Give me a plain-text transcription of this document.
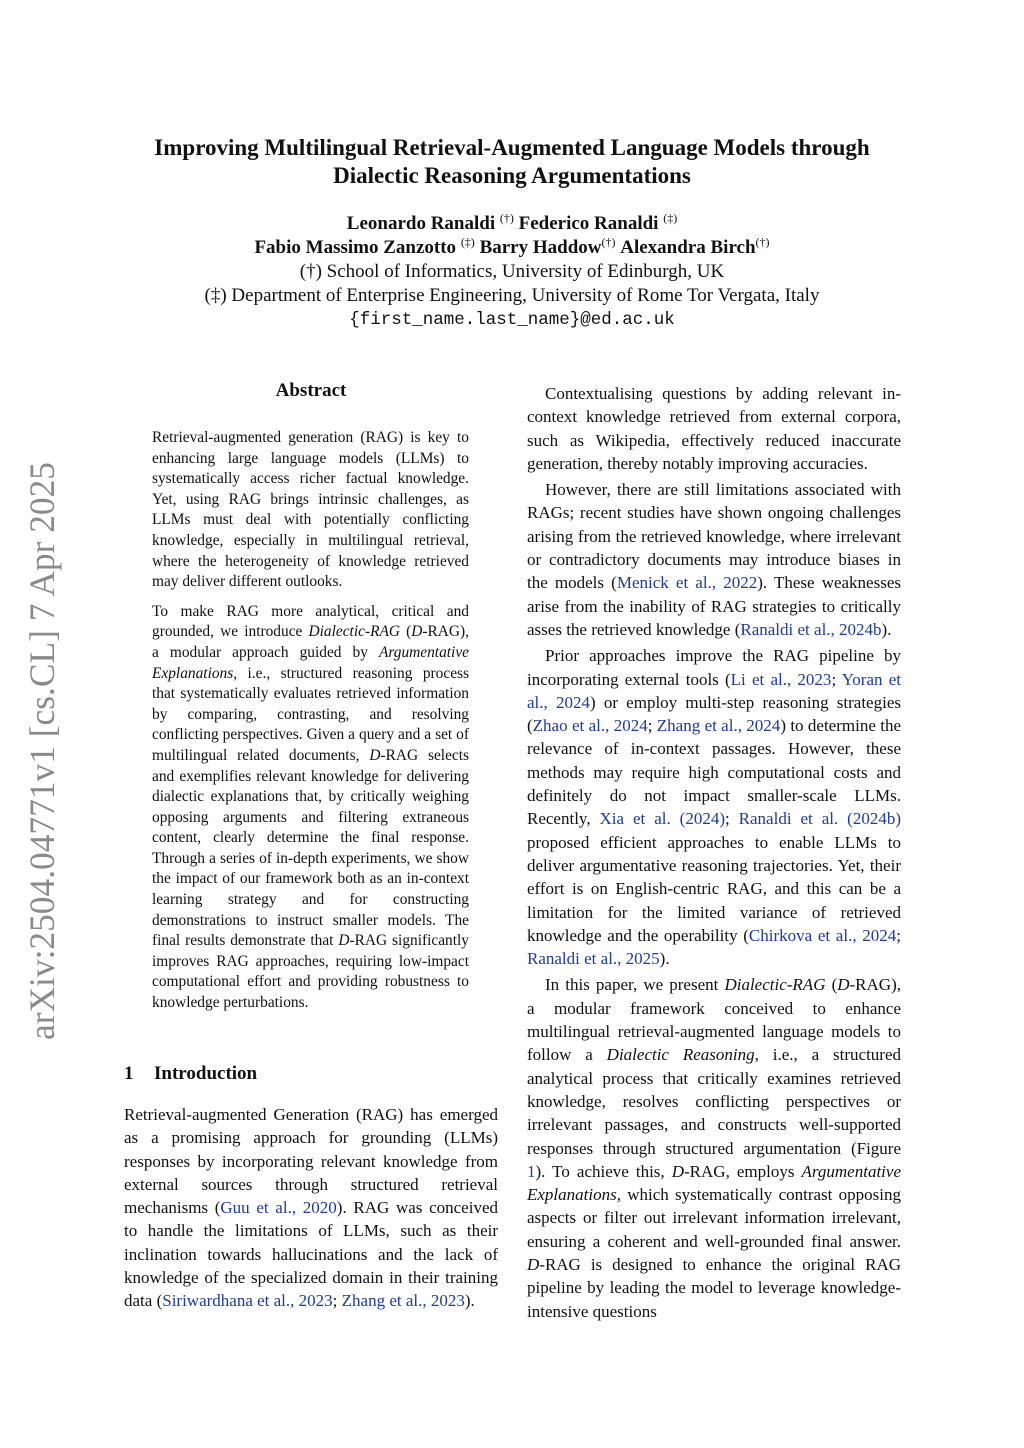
arXiv:2504.04771v1 [cs.CL] 7 Apr 2025
Improving Multilingual Retrieval-Augmented Language Models through
Dialectic Reasoning Argumentations
Leonardo Ranaldi (†) Federico Ranaldi (‡)
Fabio Massimo Zanzotto (‡) Barry Haddow(†) Alexandra Birch(†)
(†) School of Informatics, University of Edinburgh, UK
(‡) Department of Enterprise Engineering, University of Rome Tor Vergata, Italy
{first_name.last_name}@ed.ac.uk
Abstract

Retrieval-augmented generation (RAG) is key to enhancing large language models (LLMs) to systematically access richer factual knowledge. Yet, using RAG brings intrinsic challenges, as LLMs must deal with potentially conflicting knowledge, especially in multilingual retrieval, where the heterogeneity of knowledge retrieved may deliver different outlooks.

To make RAG more analytical, critical and grounded, we introduce Dialectic-RAG (D-RAG), a modular approach guided by Argumentative Explanations, i.e., structured reasoning process that systematically evaluates retrieved information by comparing, contrasting, and resolving conflicting perspectives. Given a query and a set of multilingual related documents, D-RAG selects and exemplifies relevant knowledge for delivering dialectic explanations that, by critically weighing opposing arguments and filtering extraneous content, clearly determine the final response. Through a series of in-depth experiments, we show the impact of our framework both as an in-context learning strategy and for constructing demonstrations to instruct smaller models. The final results demonstrate that D-RAG significantly improves RAG approaches, requiring low-impact computational effort and providing robustness to knowledge perturbations.

1 Introduction

Retrieval-augmented Generation (RAG) has emerged as a promising approach for grounding (LLMs) responses by incorporating relevant knowledge from external sources through structured retrieval mechanisms (Guu et al., 2020). RAG was conceived to handle the limitations of LLMs, such as their inclination towards hallucinations and the lack of knowledge of the specialized domain in their training data (Siriwardhana et al., 2023; Zhang et al., 2023).

Contextualising questions by adding relevant in-context knowledge retrieved from external corpora, such as Wikipedia, effectively reduced inaccurate generation, thereby notably improving accuracies.

However, there are still limitations associated with RAGs; recent studies have shown ongoing challenges arising from the retrieved knowledge, where irrelevant or contradictory documents may introduce biases in the models (Menick et al., 2022). These weaknesses arise from the inability of RAG strategies to critically asses the retrieved knowledge (Ranaldi et al., 2024b).

Prior approaches improve the RAG pipeline by incorporating external tools (Li et al., 2023; Yoran et al., 2024) or employ multi-step reasoning strategies (Zhao et al., 2024; Zhang et al., 2024) to determine the relevance of in-context passages. However, these methods may require high computational costs and definitely do not impact smaller-scale LLMs. Recently, Xia et al. (2024); Ranaldi et al. (2024b) proposed efficient approaches to enable LLMs to deliver argumentative reasoning trajectories. Yet, their effort is on English-centric RAG, and this can be a limitation for the limited variance of retrieved knowledge and the operability (Chirkova et al., 2024; Ranaldi et al., 2025).

In this paper, we present Dialectic-RAG (D-RAG), a modular framework conceived to enhance multilingual retrieval-augmented language models to follow a Dialectic Reasoning, i.e., a structured analytical process that critically examines retrieved knowledge, resolves conflicting perspectives or irrelevant passages, and constructs well-supported responses through structured argumentation (Figure 1). To achieve this, D-RAG, employs Argumentative Explanations, which systematically contrast opposing aspects or filter out irrelevant information irrelevant, ensuring a coherent and well-grounded final answer. D-RAG is designed to enhance the original RAG pipeline by leading the model to leverage knowledge-intensive questions
